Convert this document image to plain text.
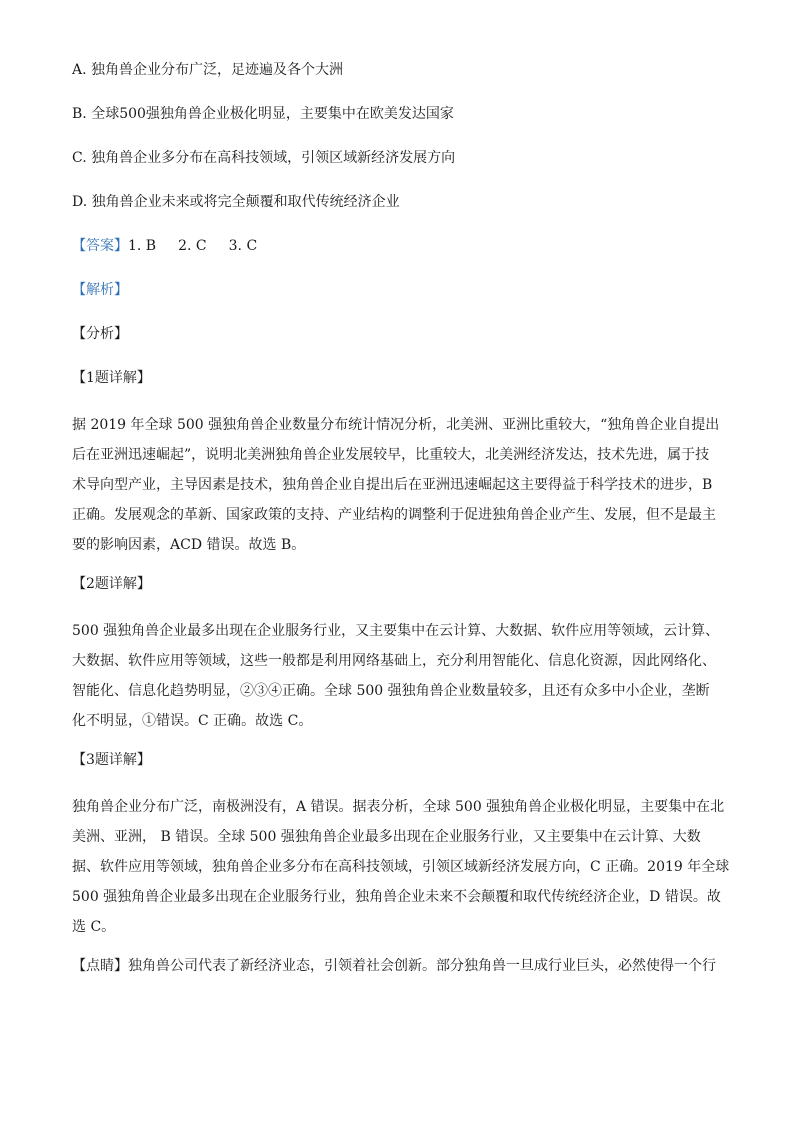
A. 独角兽企业分布广泛，足迹遍及各个大洲
B. 全球500强独角兽企业极化明显，主要集中在欧美发达国家
C. 独角兽企业多分布在高科技领域，引领区域新经济发展方向
D. 独角兽企业未来或将完全颠覆和取代传统经济企业
【答案】1. B 2. C 3. C
【解析】
【分析】
【1题详解】

据 2019 年全球 500 强独角兽企业数量分布统计情况分析，北美洲、亚洲比重较大，“独角兽企业自提出

后在亚洲迅速崛起”，说明北美洲独角兽企业发展较早，比重较大，北美洲经济发达，技术先进，属于技

术导向型产业，主导因素是技术，独角兽企业自提出后在亚洲迅速崛起这主要得益于科学技术的进步，B

正确。发展观念的革新、国家政策的支持、产业结构的调整利于促进独角兽企业产生、发展，但不是最主

要的影响因素，ACD 错误。故选 B。

【2题详解】

500 强独角兽企业最多出现在企业服务行业，又主要集中在云计算、大数据、软件应用等领域，云计算、

大数据、软件应用等领域，这些一般都是利用网络基础上，充分利用智能化、信息化资源，因此网络化、

智能化、信息化趋势明显，②③④正确。全球 500 强独角兽企业数量较多，且还有众多中小企业，垄断

化不明显，①错误。C 正确。故选 C。

【3题详解】

独角兽企业分布广泛，南极洲没有，A 错误。据表分析，全球 500 强独角兽企业极化明显，主要集中在北

美洲、亚洲， B 错误。全球 500 强独角兽企业最多出现在企业服务行业，又主要集中在云计算、大数

据、软件应用等领域，独角兽企业多分布在高科技领域，引领区域新经济发展方向，C 正确。2019 年全球

500 强独角兽企业最多出现在企业服务行业，独角兽企业未来不会颠覆和取代传统经济企业，D 错误。故

选 C。

【点睛】独角兽公司代表了新经济业态，引领着社会创新。部分独角兽一旦成行业巨头，必然使得一个行
